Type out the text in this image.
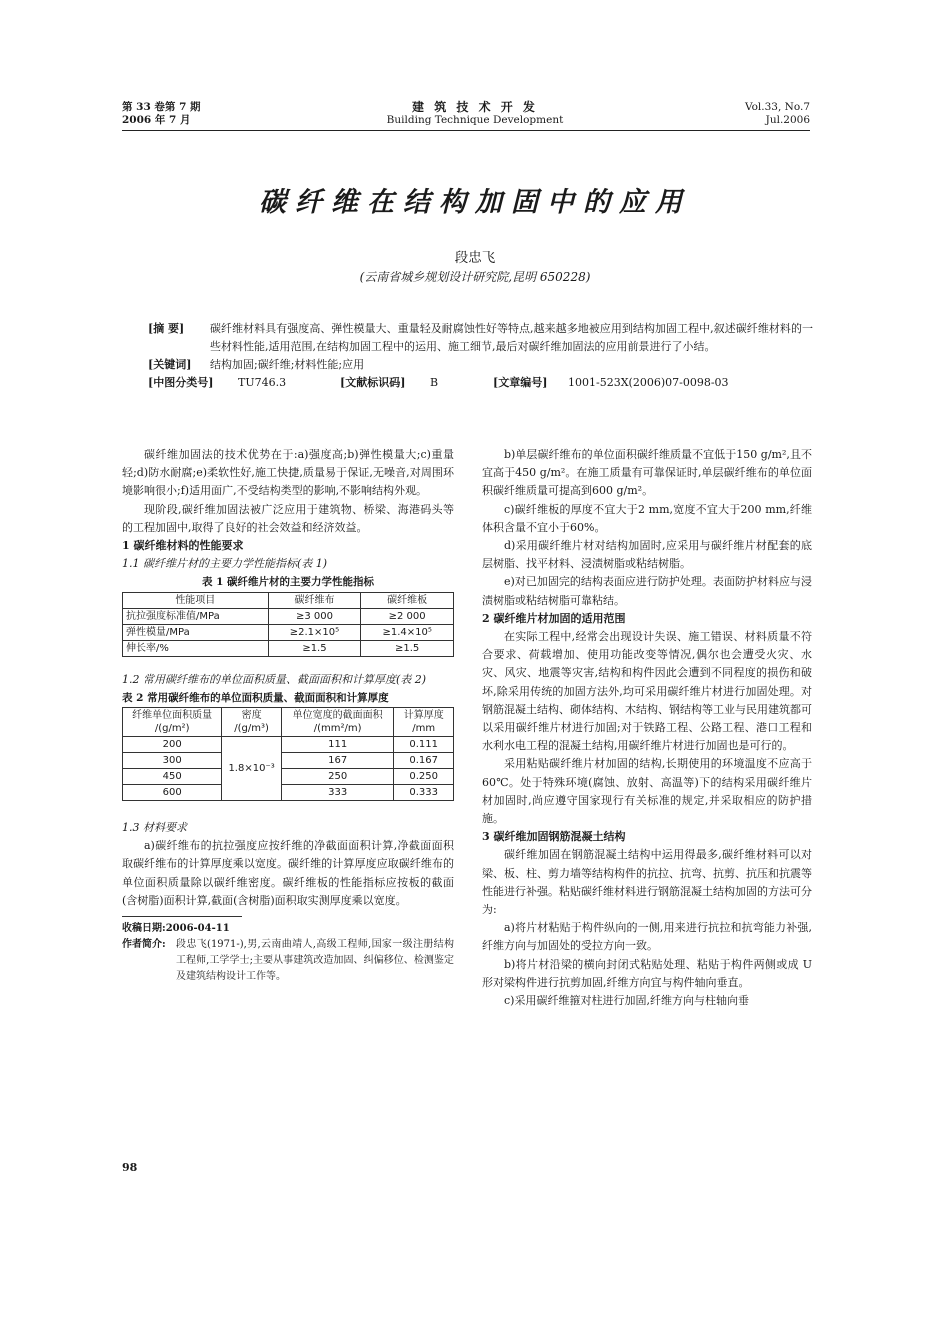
第 33 卷第 7 期
2006 年 7 月
建 筑 技 术 开 发
Building Technique Development
Vol.33, No.7
Jul.2006
碳纤维在结构加固中的应用
段忠飞
(云南省城乡规划设计研究院,昆明 650228)
[摘 要]	碳纤维材料具有强度高、弹性模量大、重量轻及耐腐蚀性好等特点,越来越多地被应用到结构加固工程中,叙述碳纤维材料的一些材料性能,适用范围,在结构加固工程中的运用、施工细节,最后对碳纤维加固法的应用前景进行了小结。
[关键词]	结构加固;碳纤维;材料性能;应用
[中图分类号] TU746.3	[文献标识码] B	[文章编号] 1001-523X(2006)07-0098-03

碳纤维加固法的技术优势在于:a)强度高;b)弹性模量大;c)重量轻;d)防水耐腐;e)柔软性好,施工快捷,质量易于保证,无噪音,对周围环境影响很小;f)适用面广,不受结构类型的影响,不影响结构外观。

现阶段,碳纤维加固法被广泛应用于建筑物、桥梁、海港码头等的工程加固中,取得了良好的社会效益和经济效益。

1 碳纤维材料的性能要求

1.1 碳纤维片材的主要力学性能指标(表 1)

表 1 碳纤维片材的主要力学性能指标

性能项目	碳纤维布	碳纤维板
抗拉强度标准值/MPa	≥3 000	≥2 000
弹性模量/MPa	≥2.1×10⁵	≥1.4×10⁵
伸长率/%	≥1.5	≥1.5

1.2 常用碳纤维布的单位面积质量、截面面积和计算厚度(表 2)

表 2 常用碳纤维布的单位面积质量、截面面积和计算厚度

纤维单位面积质量 /(g/m²)	密度 /(g/m³)	单位宽度的截面面积 /(mm²/m)	计算厚度 /mm
200	1.8×10⁻³	111	0.111
300		167	0.167
450		250	0.250
600		333	0.333

1.3 材料要求

a)碳纤维布的抗拉强度应按纤维的净截面面积计算,净截面面积取碳纤维布的计算厚度乘以宽度。碳纤维的计算厚度应取碳纤维布的单位面积质量除以碳纤维密度。碳纤维板的性能指标应按板的截面(含树脂)面积计算,截面(含树脂)面积取实测厚度乘以宽度。

收稿日期:2006-04-11
作者简介:	段忠飞(1971-),男,云南曲靖人,高级工程师,国家一级注册结构工程师,工学学士;主要从事建筑改造加固、纠偏移位、检测鉴定及建筑结构设计工作等。

b)单层碳纤维布的单位面积碳纤维质量不宜低于150 g/m²,且不宜高于450 g/m²。在施工质量有可靠保证时,单层碳纤维布的单位面积碳纤维质量可提高到600 g/m²。

c)碳纤维板的厚度不宜大于2 mm,宽度不宜大于200 mm,纤维体积含量不宜小于60%。

d)采用碳纤维片材对结构加固时,应采用与碳纤维片材配套的底层树脂、找平材料、浸渍树脂或粘结树脂。

e)对已加固完的结构表面应进行防护处理。表面防护材料应与浸渍树脂或粘结树脂可靠粘结。

2 碳纤维片材加固的适用范围

在实际工程中,经常会出现设计失误、施工错误、材料质量不符合要求、荷载增加、使用功能改变等情况,偶尔也会遭受火灾、水灾、风灾、地震等灾害,结构和构件因此会遭到不同程度的损伤和破坏,除采用传统的加固方法外,均可采用碳纤维片材进行加固处理。对钢筋混凝土结构、砌体结构、木结构、钢结构等工业与民用建筑都可以采用碳纤维片材进行加固;对于铁路工程、公路工程、港口工程和水利水电工程的混凝土结构,用碳纤维片材进行加固也是可行的。

采用粘贴碳纤维片材加固的结构,长期使用的环境温度不应高于60℃。处于特殊环境(腐蚀、放射、高温等)下的结构采用碳纤维片材加固时,尚应遵守国家现行有关标准的规定,并采取相应的防护措施。

3 碳纤维加固钢筋混凝土结构

碳纤维加固在钢筋混凝土结构中运用得最多,碳纤维材料可以对梁、板、柱、剪力墙等结构构件的抗拉、抗弯、抗剪、抗压和抗震等性能进行补强。粘贴碳纤维材料进行钢筋混凝土结构加固的方法可分为:

a)将片材粘贴于构件纵向的一侧,用来进行抗拉和抗弯能力补强,纤维方向与加固处的受拉方向一致。

b)将片材沿梁的横向封闭式粘贴处理、粘贴于构件两侧或成 U 形对梁构件进行抗剪加固,纤维方向宜与构件轴向垂直。

c)采用碳纤维箍对柱进行加固,纤维方向与柱轴向垂

98
